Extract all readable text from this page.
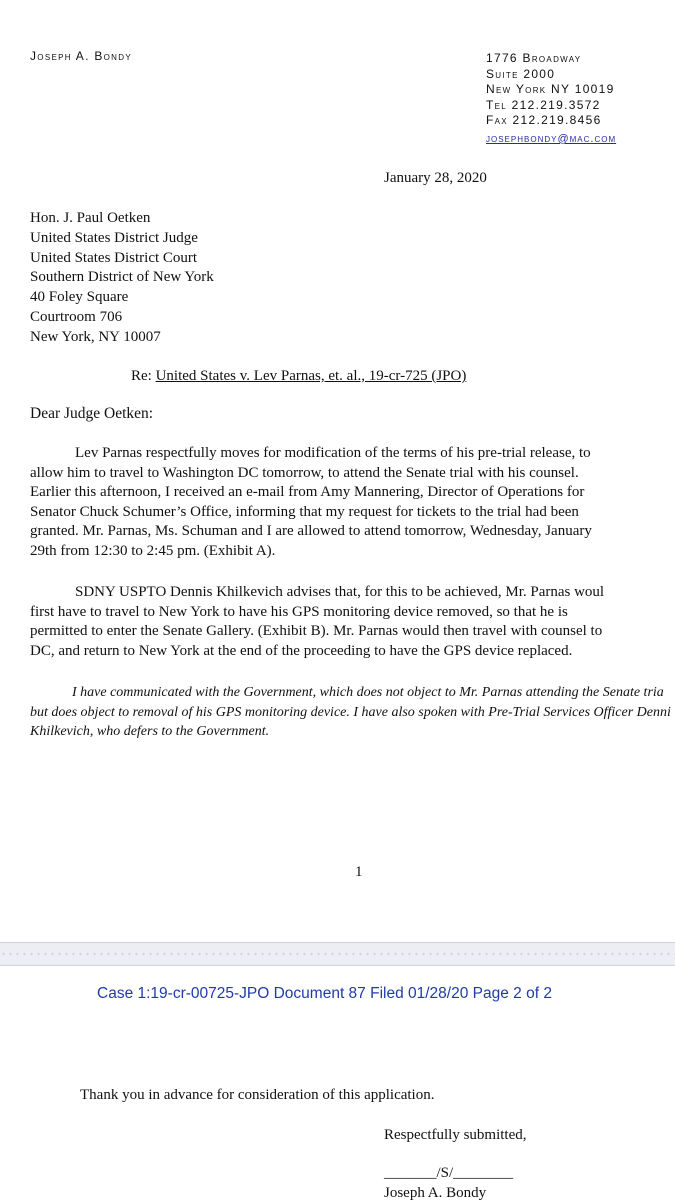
Joseph A. Bondy	1776 Broadway
Suite 2000
New York NY 10019
Tel 212.219.3572
Fax 212.219.8456
josephbondy@mac.com
January 28, 2020
Hon. J. Paul Oetken
United States District Judge
United States District Court
Southern District of New York
40 Foley Square
Courtroom 706
New York, NY 10007
Re: United States v. Lev Parnas, et. al., 19-cr-725 (JPO)
Dear Judge Oetken:
Lev Parnas respectfully moves for modification of the terms of his pre-trial release, to
allow him to travel to Washington DC tomorrow, to attend the Senate trial with his counsel.
Earlier this afternoon, I received an e-mail from Amy Mannering, Director of Operations for
Senator Chuck Schumer’s Office, informing that my request for tickets to the trial had been
granted. Mr. Parnas, Ms. Schuman and I are allowed to attend tomorrow, Wednesday, January
29th from 12:30 to 2:45 pm. (Exhibit A).
SDNY USPTO Dennis Khilkevich advises that, for this to be achieved, Mr. Parnas woul
first have to travel to New York to have his GPS monitoring device removed, so that he is
permitted to enter the Senate Gallery. (Exhibit B). Mr. Parnas would then travel with counsel to
DC, and return to New York at the end of the proceeding to have the GPS device replaced.
I have communicated with the Government, which does not object to Mr. Parnas attending the Senate tria
but does object to removal of his GPS monitoring device. I have also spoken with Pre-Trial Services Officer Denni
Khilkevich, who defers to the Government.
1
Case 1:19-cr-00725-JPO Document 87 Filed 01/28/20 Page 2 of 2
Thank you in advance for consideration of this application.
Respectfully submitted,
_______/S/________
Joseph A. Bondy
